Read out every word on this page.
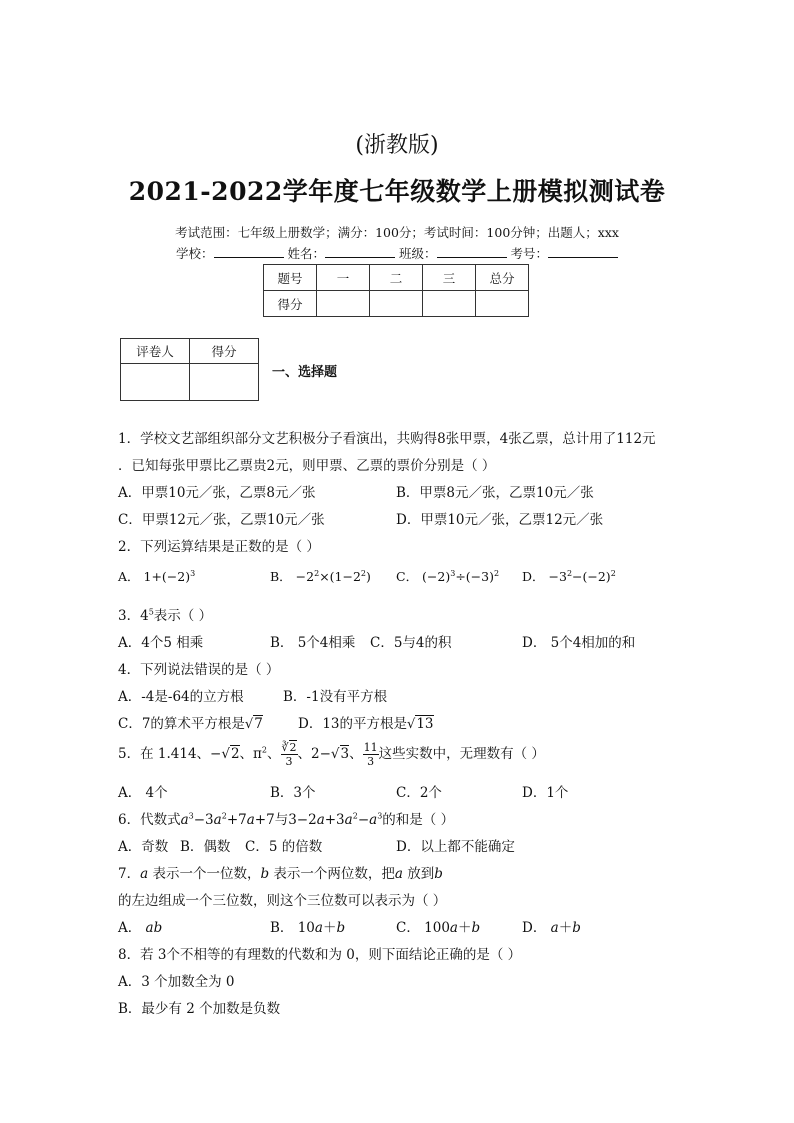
(浙教版)
2021-2022学年度七年级数学上册模拟测试卷
考试范围：七年级上册数学；满分：100分；考试时间：100分钟；出题人；xxx
学校：	姓名：	班级：	考号：
题号	一	二	三	总分
得分				
评卷人	得分

一、选择题
1．学校文艺部组织部分文艺积极分子看演出，共购得8张甲票，4张乙票，总计用了112元
．已知每张甲票比乙票贵2元，则甲票、乙票的票价分别是（ ）
A．甲票10元／张，乙票8元／张	B．甲票8元／张，乙票10元／张
C．甲票12元／张，乙票10元／张	D．甲票10元／张，乙票12元／张
2．下列运算结果是正数的是（ ）
A． $1+(-2)^3$	B． $-2^2\times(1-2^2)$ C． $(-2)^3\div(-3)^2$ D． $-3^2-(-2)^2$
3．$4^5$表示（ ）
A．4个5 相乘	B． 5个4相乘 C．5与4的积	D． 5个4相加的和
4．下列说法错误的是（ ）
A．-4是-64的立方根	B．-1没有平方根
C．7的算术平方根是√7	D．13的平方根是√13
5．在 1.414、−√2、$\pi^2$、 $\frac{∛2}{3}$ 、2−√3、 $\frac{11}{3}$ 这些实数中，无理数有（ ）
A． 4个	B．3个	C．2个	D．1个
6．代数式$a^3-3a^2+7a+7$与$3-2a+3a^2-a^3$的和是（ ）
A．奇数 B．偶数 C．5 的倍数	D．以上都不能确定
7．a 表示一个一位数，b 表示一个两位数，把a 放到b
的左边组成一个三位数，则这个三位数可以表示为（ ）
A． ab	B． 10a＋b	C． 100a＋b	D． a＋b
8．若 3个不相等的有理数的代数和为 0，则下面结论正确的是（ ）
A．3 个加数全为 0
B．最少有 2 个加数是负数
